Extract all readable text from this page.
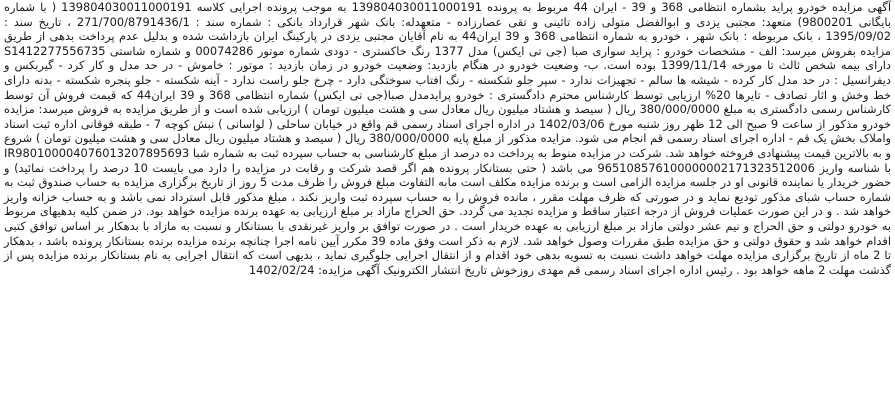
آگهی مزایده خودرو پراید بشماره انتظامی 368 و 39 - ایران 44 مربوط به پرونده 139804030011000191 به موجب پرونده اجرایی کلاسه 139804030011000191 ( با شماره بایگانی 9800201) متعهد: مجتبی یزدی و ابوالفضل متولی زاده تائینی و تقی عصارزاده - متعهدله: بانک شهر قرارداد بانکی : شماره سند : 271/700/8791436/1 ، تاریخ سند : 1395/09/02 ، بانک مربوطه : بانک شهر ، خودرو به شماره انتظامی 368 و 39 ایران44 به نام آقایان مجتبی یزدی در پارکینگ ایران بازداشت شده و بدلیل عدم پرداخت بدهی از طریق مزایده بفروش میرسد: الف - مشخصات خودرو : پراید سواری صبا (جی تی ایکس) مدل 1377 رنگ خاکستری - دودی شماره موتور 00074286 و شماره شاستی S1412277556735 دارای بیمه شخص ثالث تا مورخه 1399/11/14 بوده است. ب- وضعیت خودرو در هنگام بازدید: وضعیت خودرو در زمان بازدید : موتور : خاموش - در حد مدل و کار کرد - گیربکس و دیفرانسیل : در حد مدل کار کرده - شیشه ها سالم - تجهیزات ندارد - سپر جلو شکسته - رنگ افتاب سوختگی دارد - چرخ جلو راست ندارد - آینه شکسته - جلو پنجره شکسته - بدنه دارای خط وخش و اثار تصادف - تایرها 20% ارزیابی توسط کارشناس محترم دادگستری : خودرو پرایدمدل صبا(جی تی ایکس) شماره انتظامی 368 و 39 ایران44 که قیمت فروش آن توسط کارشناس رسمی دادگستری به مبلغ 380/000/0000 ریال ( سیصد و هشتاد میلیون ریال معادل سی و هشت میلیون تومان ) ارزیابی شده است و از طریق مزایده به فروش میرسد: مزایده خودرو مذکور از ساعت 9 صبح الی 12 ظهر روز شنبه مورخ 1402/03/06 در اداره اجرای اسناد رسمی قم واقع در خیابان ساحلی ( لواسانی ) نبش کوچه 7 - طبقه فوقانی اداره ثبت اسناد واملاک بخش یک قم - اداره اجرای اسناد رسمی قم انجام می شود. مزایده مذکور از مبلغ پایه 380/000/0000 ریال ( سیصد و هشتاد میلیون ریال معادل سی و هشت میلیون تومان ) شروع و به بالاترین قیمت پیشنهادی فروخته خواهد شد. شرکت در مزایده منوط به پرداخت ده درصد از مبلغ کارشناسی به حساب سپرده ثبت به شماره شبا IR980100004076013207895693 با شناسه واریز 965108576100000002171323512006 می باشد ( حتی بستانکار پرونده هم اگر قصد شرکت و رقابت در مزایده را دارد می بایست 10 درصد را پرداخت نمائید) و حضور خریدار یا نماینده قانونی او در جلسه مزایده الزامی است و برنده مزایده مکلف است مابه التفاوت مبلغ فروش را ظرف مدت 5 روز از تاریخ برگزاری مزایده به حساب صندوق ثبت به شماره حساب شبای مذکور تودیع نماید و در صورتی که ظرف مهلت مقرر ، مانده فروش را به حساب سپرده ثبت واریز نکند ، مبلغ مذکور قابل استرداد نمی باشد و به حساب خزانه واریز خواهد شد . و در این صورت عملیات فروش از درجه اعتبار ساقط و مزایده تجدید می گردد. حق الحراج مازاد بر مبلغ ارزیابی به عهده برنده مزایده خواهد بود. در ضمن کلیه بدهیهای مربوط به خودرو دولتی و حق الحراج و نیم عشر دولتی مازاد بر مبلغ ارزیابی به عهده خریدار است . در صورت توافق بر واریز غیرنقدی با بستانکار و نسبت به مازاد با بدهکار بر اساس توافق کتبی اقدام خواهد شد و حقوق دولتی و حق مزایده طبق مقررات وصول خواهد شد. لازم به ذکر است وفق ماده 39 مکرر آیین نامه اجرا چنانچه برنده مزایده برنده بستانکار پرونده باشد ، بدهکار تا 2 ماه از تاریخ برگزاری مزایده مهلت خواهد داشت نسبت به تسویه بدهی خود اقدام و از انتقال اجرایی جلوگیری نماید ، بدیهی است که انتقال اجرایی به نام بستانکار برنده مزایده پس از گذشت مهلت 2 ماهه خواهد بود . رئیس اداره اجرای اسناد رسمی قم مهدی روزخوش تاریخ انتشار الکترونیک آگهی مزایده: 1402/02/24
